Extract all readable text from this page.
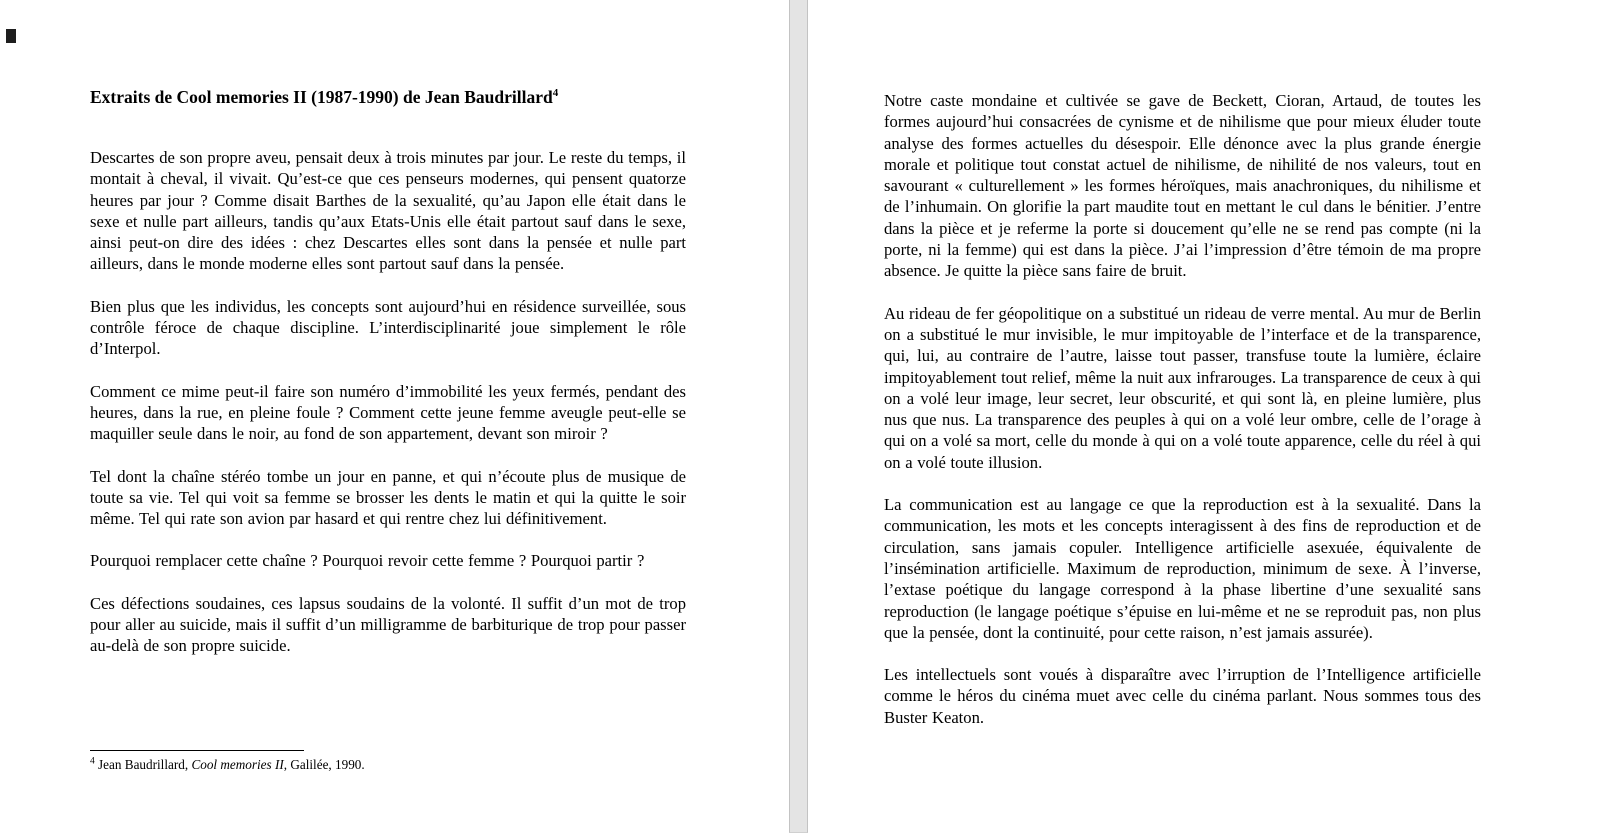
Extraits de Cool memories II (1987-1990) de Jean Baudrillard$^4$

Descartes de son propre aveu, pensait deux à trois minutes par jour. Le reste du temps, il montait à cheval, il vivait. Qu’est-ce que ces penseurs modernes, qui pensent quatorze heures par jour ? Comme disait Barthes de la sexualité, qu’au Japon elle était dans le sexe et nulle part ailleurs, tandis qu’aux Etats-Unis elle était partout sauf dans le sexe, ainsi peut-on dire des idées : chez Descartes elles sont dans la pensée et nulle part ailleurs, dans le monde moderne elles sont partout sauf dans la pensée.

Bien plus que les individus, les concepts sont aujourd’hui en résidence surveillée, sous contrôle féroce de chaque discipline. L’interdisciplinarité joue simplement le rôle d’Interpol.

Comment ce mime peut-il faire son numéro d’immobilité les yeux fermés, pendant des heures, dans la rue, en pleine foule ? Comment cette jeune femme aveugle peut-elle se maquiller seule dans le noir, au fond de son appartement, devant son miroir ?

Tel dont la chaîne stéréo tombe un jour en panne, et qui n’écoute plus de musique de toute sa vie. Tel qui voit sa femme se brosser les dents le matin et qui la quitte le soir même. Tel qui rate son avion par hasard et qui rentre chez lui définitivement.

Pourquoi remplacer cette chaîne ? Pourquoi revoir cette femme ? Pourquoi partir ?

Ces défections soudaines, ces lapsus soudains de la volonté. Il suffit d’un mot de trop pour aller au suicide, mais il suffit d’un milligramme de barbiturique de trop pour passer au-delà de son propre suicide.

$^4$ Jean Baudrillard, Cool memories II, Galilée, 1990.

Notre caste mondaine et cultivée se gave de Beckett, Cioran, Artaud, de toutes les formes aujourd’hui consacrées de cynisme et de nihilisme que pour mieux éluder toute analyse des formes actuelles du désespoir. Elle dénonce avec la plus grande énergie morale et politique tout constat actuel de nihilisme, de nihilité de nos valeurs, tout en savourant « culturellement » les formes héroïques, mais anachroniques, du nihilisme et de l’inhumain. On glorifie la part maudite tout en mettant le cul dans le bénitier. J’entre dans la pièce et je referme la porte si doucement qu’elle ne se rend pas compte (ni la porte, ni la femme) qui est dans la pièce. J’ai l’impression d’être témoin de ma propre absence. Je quitte la pièce sans faire de bruit.

Au rideau de fer géopolitique on a substitué un rideau de verre mental. Au mur de Berlin on a substitué le mur invisible, le mur impitoyable de l’interface et de la transparence, qui, lui, au contraire de l’autre, laisse tout passer, transfuse toute la lumière, éclaire impitoyablement tout relief, même la nuit aux infrarouges. La transparence de ceux à qui on a volé leur image, leur secret, leur obscurité, et qui sont là, en pleine lumière, plus nus que nus. La transparence des peuples à qui on a volé leur ombre, celle de l’orage à qui on a volé sa mort, celle du monde à qui on a volé toute apparence, celle du réel à qui on a volé toute illusion.

La communication est au langage ce que la reproduction est à la sexualité. Dans la communication, les mots et les concepts interagissent à des fins de reproduction et de circulation, sans jamais copuler. Intelligence artificielle asexuée, équivalente de l’insémination artificielle. Maximum de reproduction, minimum de sexe. À l’inverse, l’extase poétique du langage correspond à la phase libertine d’une sexualité sans reproduction (le langage poétique s’épuise en lui-même et ne se reproduit pas, non plus que la pensée, dont la continuité, pour cette raison, n’est jamais assurée).

Les intellectuels sont voués à disparaître avec l’irruption de l’Intelligence artificielle comme le héros du cinéma muet avec celle du cinéma parlant. Nous sommes tous des Buster Keaton.
